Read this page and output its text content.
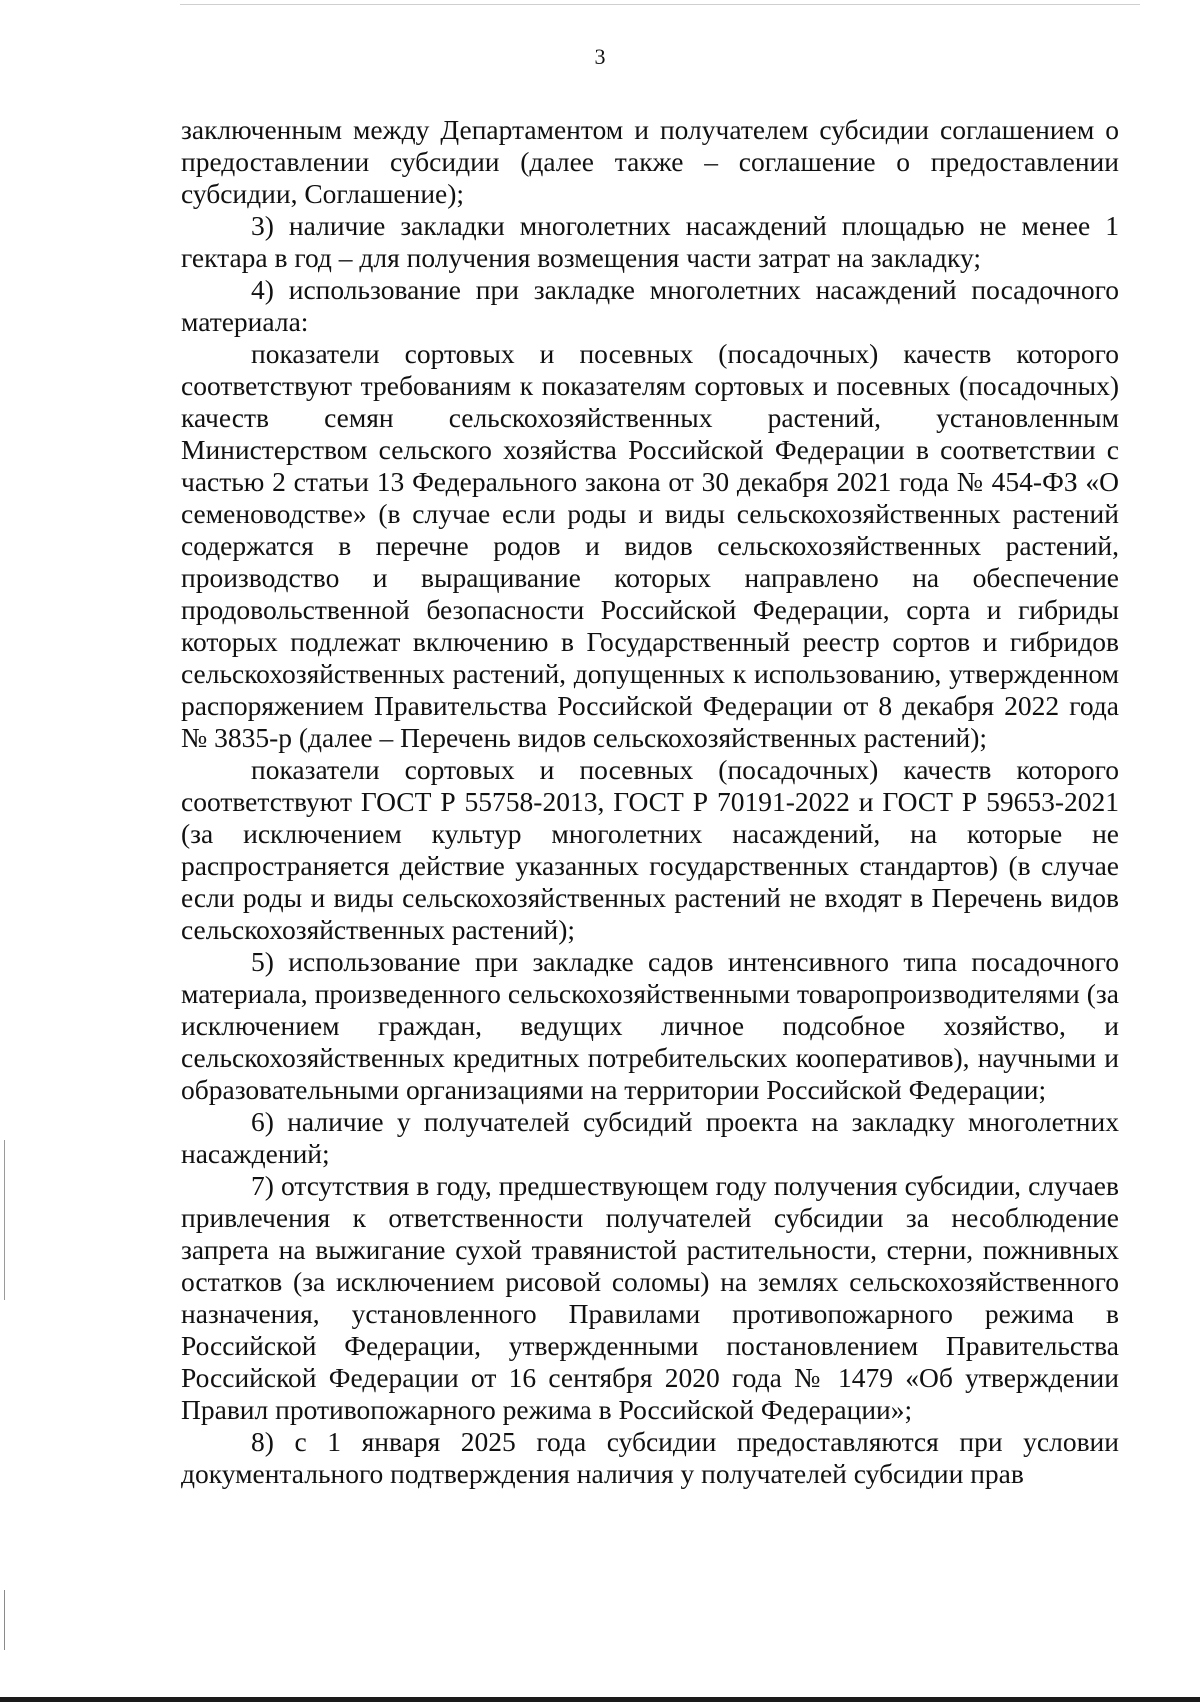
3

заключенным между Департаментом и получателем субсидии соглашением о предоставлении субсидии (далее также – соглашение о предоставлении субсидии, Соглашение);

3) наличие закладки многолетних насаждений площадью не менее 1 гектара в год – для получения возмещения части затрат на закладку;

4) использование при закладке многолетних насаждений посадочного материала:

показатели сортовых и посевных (посадочных) качеств которого соответствуют требованиям к показателям сортовых и посевных (посадочных) качеств семян сельскохозяйственных растений, установленным Министерством сельского хозяйства Российской Федерации в соответствии с частью 2 статьи 13 Федерального закона от 30 декабря 2021 года № 454-ФЗ «О семеноводстве» (в случае если роды и виды сельскохозяйственных растений содержатся в перечне родов и видов сельскохозяйственных растений, производство и выращивание которых направлено на обеспечение продовольственной безопасности Российской Федерации, сорта и гибриды которых подлежат включению в Государственный реестр сортов и гибридов сельскохозяйственных растений, допущенных к использованию, утвержденном распоряжением Правительства Российской Федерации от 8 декабря 2022 года № 3835-р (далее – Перечень видов сельскохозяйственных растений);

показатели сортовых и посевных (посадочных) качеств которого соответствуют ГОСТ Р 55758-2013, ГОСТ Р 70191-2022 и ГОСТ Р 59653-2021 (за исключением культур многолетних насаждений, на которые не распространяется действие указанных государственных стандартов) (в случае если роды и виды сельскохозяйственных растений не входят в Перечень видов сельскохозяйственных растений);

5) использование при закладке садов интенсивного типа посадочного материала, произведенного сельскохозяйственными товаропроизводителями (за исключением граждан, ведущих личное подсобное хозяйство, и сельскохозяйственных кредитных потребительских кооперативов), научными и образовательными организациями на территории Российской Федерации;

6) наличие у получателей субсидий проекта на закладку многолетних насаждений;

7) отсутствия в году, предшествующем году получения субсидии, случаев привлечения к ответственности получателей субсидии за несоблюдение запрета на выжигание сухой травянистой растительности, стерни, пожнивных остатков (за исключением рисовой соломы) на землях сельскохозяйственного назначения, установленного Правилами противопожарного режима в Российской Федерации, утвержденными постановлением Правительства Российской Федерации от 16 сентября 2020 года № 1479 «Об утверждении Правил противопожарного режима в Российской Федерации»;

8) с 1 января 2025 года субсидии предоставляются при условии документального подтверждения наличия у получателей субсидии прав
